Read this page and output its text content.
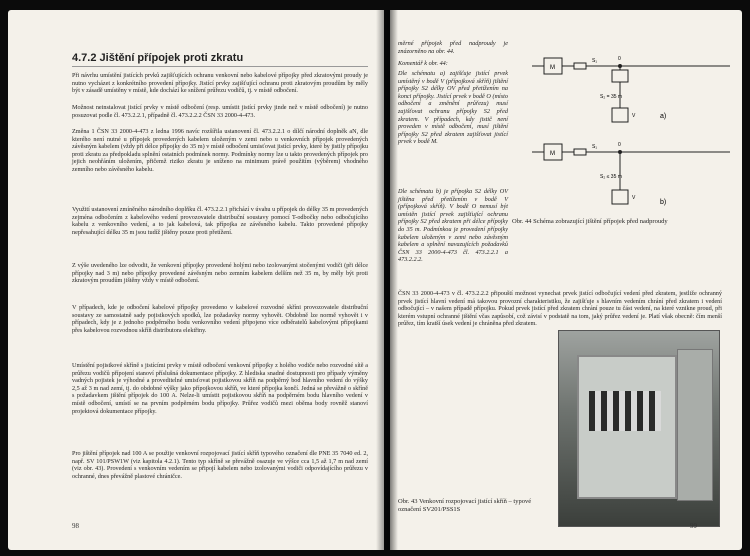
4.7.2 Jištění přípojek proti zkratu
Při návrhu umístění jistících prvků zajišťujících ochranu venkovní nebo kabelové přípojky před zkratovými proudy je nutno vycházet z konkrétního provedení přípojky. Jistící prvky zajišťující ochranu proti zkratovým proudům by měly být v zásadě umístěny v místě, kde dochází ke snížení průřezu vodičů, tj. v místě odbočení.
Možnost neinstalovat jistící prvky v místě odbočení (resp. umístit jistící prvky jinde než v místě odbočení) je nutno posuzovat podle čl. 473.2.2.1, případně čl. 473.2.2.2 ČSN 33 2000-4-473.
Změna 1 ČSN 33 2000-4-473 z ledna 1996 navíc rozšířila ustanovení čl. 473.2.2.1 o dílčí národní doplněk aN, dle kterého není nutné u přípojek provedených kabelem uloženým v zemi nebo u venkovních přípojek provedených závěsným kabelem (vždy při délce přípojky do 35 m) v místě odbočení umisťovat jistící prvky, které by jistily přípojku proti zkratu za předpokladu splnění ostatních podmínek normy. Podmínky normy lze u takto provedených přípojek pro jejich neohřáním uložením, přičemž riziko zkratu je sníženo na minimum právě použitím (výběrem) vhodného zemního nebo závěsného kabelu.
Využití ustanovení zmíněného národního doplňku čl. 473.2.2.1 přichází v úvahu u přípojek do délky 35 m provedených zejména odbočením z kabelového vedení provozovatele distribuční soustavy pomocí T-odbočky nebo odbočujícího kabelu z venkovního vedení, a to jak kabelová, tak přípojka ze závěsného kabelu. Takto provedené přípojky nepřesahující délku 35 m jsou tudíž jištěny pouze proti přetížení.
Z výše uvedeného lze odvodit, že venkovní přípojky provedené holými nebo izolovanými stočenými vodiči (při délce přípojky nad 3 m) nebo přípojky provedené závěsným nebo zemním kabelem delším než 35 m, by měly být proti zkratovým proudům jištěny vždy v místě odbočení.
V případech, kde je odbočení kabelové přípojky provedeno v kabelové rozvodné skříni provozovatele distribuční soustavy ze samostatně sady pojistkových spodků, lze požadavky normy vyhovět. Obdobně lze normě vyhovět i v případech, kdy je z jednoho podpěrného bodu venkovního vedení připojeno více odběratelů kabelovými přípojkami přes kabelovou rozvodnou skříň distributora elektřiny.
Umístění pojistkové skříně s jistícími prvky v místě odbočení venkovní přípojky z holého vodiče nebo rozvodné sítě a průřezu vodičů přípojení stanoví příslušná dokumentace přípojky. Z hlediska snadné dostupnosti pro případy výměny vadných pojistek je výhodné a proveditelné umisťovat pojistkovou skříň na podpěrný bod hlavního vedení do výšky 2,5 až 3 m nad zemí, tj. do obdobné výšky jako přípojkovou skříň, ve které přípojka končí. Jedná se převážně o skříně s požadavkem jištění přípojek do 100 A. Nelze-li umístit pojistkovou skříň na podpěrném bodu hlavního vedení v místě odbočení, umístí se na prvním podpěrném bodu přípojky. Průřez vodičů mezi oběma body rovněž stanoví projektová dokumentace přípojky.
Pro jištění přípojek nad 100 A se použije venkovní rozpojovací jistící skříň typového označení dle PNE 35 7040 ed. 2, např. SV 101/PSW1W (viz kapitola 4.2.1). Tento typ skříně se převážně osazuje ve výšce cca 1,5 až 1,7 m nad zemí (viz obr. 43). Provedení s venkovním vedením se připojí kabelem nebo izolovanými vodiči odpovídajícího průřezu v ochranné, dnes převážně plastové chráničce.
98
měrné přípojek před nadproudy je znázorněno na obr. 44.
Komentář k obr. 44:
Dle schématu a) zajišťuje jistící prvek umístěný v bodě V (přípojková skříň) jištění přípojky S2 délky OV před přetížením na konci přípojky. Jistící prvek v bodě O (místo odbočení a změnění průřezu) musí zajišťovat ochranu přípojky S2 před zkratem. V případech, kdy jistič není proveden v místě odbočení, musí jištění přípojky S2 před zkratem zajišťovat jistící prvek v bodě M.
Dle schématu b) je přípojka S2 délky OV jištěna před přetížením v bodě V (přípojková skříň). V bodě O nemusí být umístěn jistící prvek zajišťující ochranu přípojky S2 před zkratem při délce přípojky do 35 m. Podmínkou je provedení přípojky kabelem uloženým v zemi nebo závěsným kabelem a splnění navazujících požadavků ČSN 33 2000-4-473 čl. 473.2.2.1 a 473.2.2.2.
M
S₁	0
S₂ = 35 m
V	a)
M
S₁	0
S₂ ≤ 35 m
V
b)
Obr. 44 Schéma zobrazující jištění přípojek před nadproudy
ČSN 33 2000-4-473 v čl. 473.2.2.2 připouští možnost vynechat prvek jistící odbočující vedení před zkratem, jestliže ochranný prvek jistící hlavní vedení má takovou provozní charakteristiku, že zajišťuje s hlavním vedením chrání před zkratem i vedení odbočující – v našem případě přípojku. Pokud prvek jistící před zkratem chrání pouze tu část vedení, na které vznikne proud, při kterém vstupní ochranné jištění včas zapůsobí, což závisí v podstatě na tom, jaký průřez vedení je. Platí však obecně: čím menší průřez, tím kratší úsek vedení je chráněna před zkratem.
Obr. 43 Venkovní rozpojovací jistící skříň – typové označení SV201/PSS1S
99
